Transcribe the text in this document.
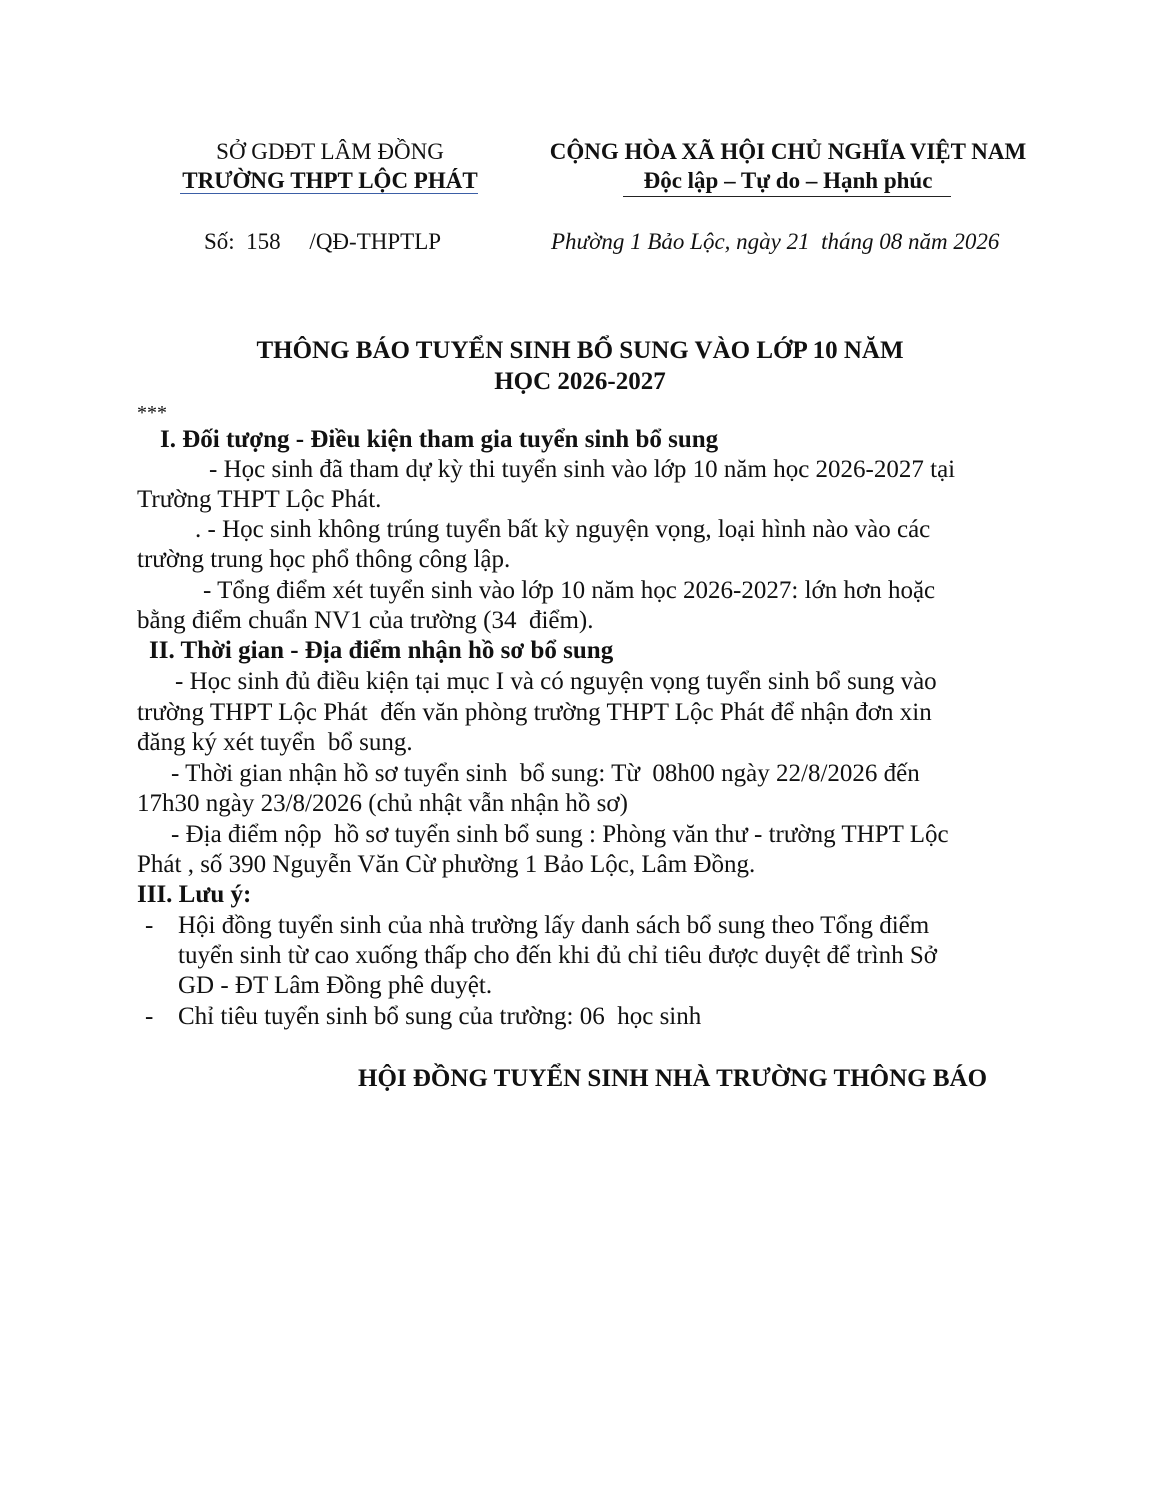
SỞ GDĐT LÂM ĐỒNG
TRƯỜNG THPT LỘC PHÁT
CỘNG HÒA XÃ HỘI CHỦ NGHĨA VIỆT NAM
Độc lập – Tự do – Hạnh phúc
Số:  158     /QĐ-THPTLP	Phường 1 Bảo Lộc, ngày 21  tháng 08 năm 2026
THÔNG BÁO TUYỂN SINH BỔ SUNG VÀO LỚP 10 NĂM
HỌC 2026-2027
***
I. Đối tượng - Điều kiện tham gia tuyển sinh bổ sung
- Học sinh đã tham dự kỳ thi tuyển sinh vào lớp 10 năm học 2026-2027 tại
Trường THPT Lộc Phát.
. - Học sinh không trúng tuyển bất kỳ nguyện vọng, loại hình nào vào các
trường trung học phổ thông công lập.
- Tổng điểm xét tuyển sinh vào lớp 10 năm học 2026-2027: lớn hơn hoặc
bằng điểm chuẩn NV1 của trường (34  điểm).
II. Thời gian - Địa điểm nhận hồ sơ bổ sung
- Học sinh đủ điều kiện tại mục I và có nguyện vọng tuyển sinh bổ sung vào
trường THPT Lộc Phát  đến văn phòng trường THPT Lộc Phát để nhận đơn xin
đăng ký xét tuyển  bổ sung.
- Thời gian nhận hồ sơ tuyển sinh  bổ sung: Từ  08h00 ngày 22/8/2026 đến
17h30 ngày 23/8/2026 (chủ nhật vẫn nhận hồ sơ)
- Địa điểm nộp  hồ sơ tuyển sinh bổ sung : Phòng văn thư - trường THPT Lộc
Phát , số 390 Nguyễn Văn Cừ phường 1 Bảo Lộc, Lâm Đồng.
III. Lưu ý:
- Hội đồng tuyển sinh của nhà trường lấy danh sách bổ sung theo Tổng điểm
tuyển sinh từ cao xuống thấp cho đến khi đủ chỉ tiêu được duyệt để trình Sở
GD - ĐT Lâm Đồng phê duyệt.
- Chỉ tiêu tuyển sinh bổ sung của trường: 06  học sinh
HỘI ĐỒNG TUYỂN SINH NHÀ TRƯỜNG THÔNG BÁO
